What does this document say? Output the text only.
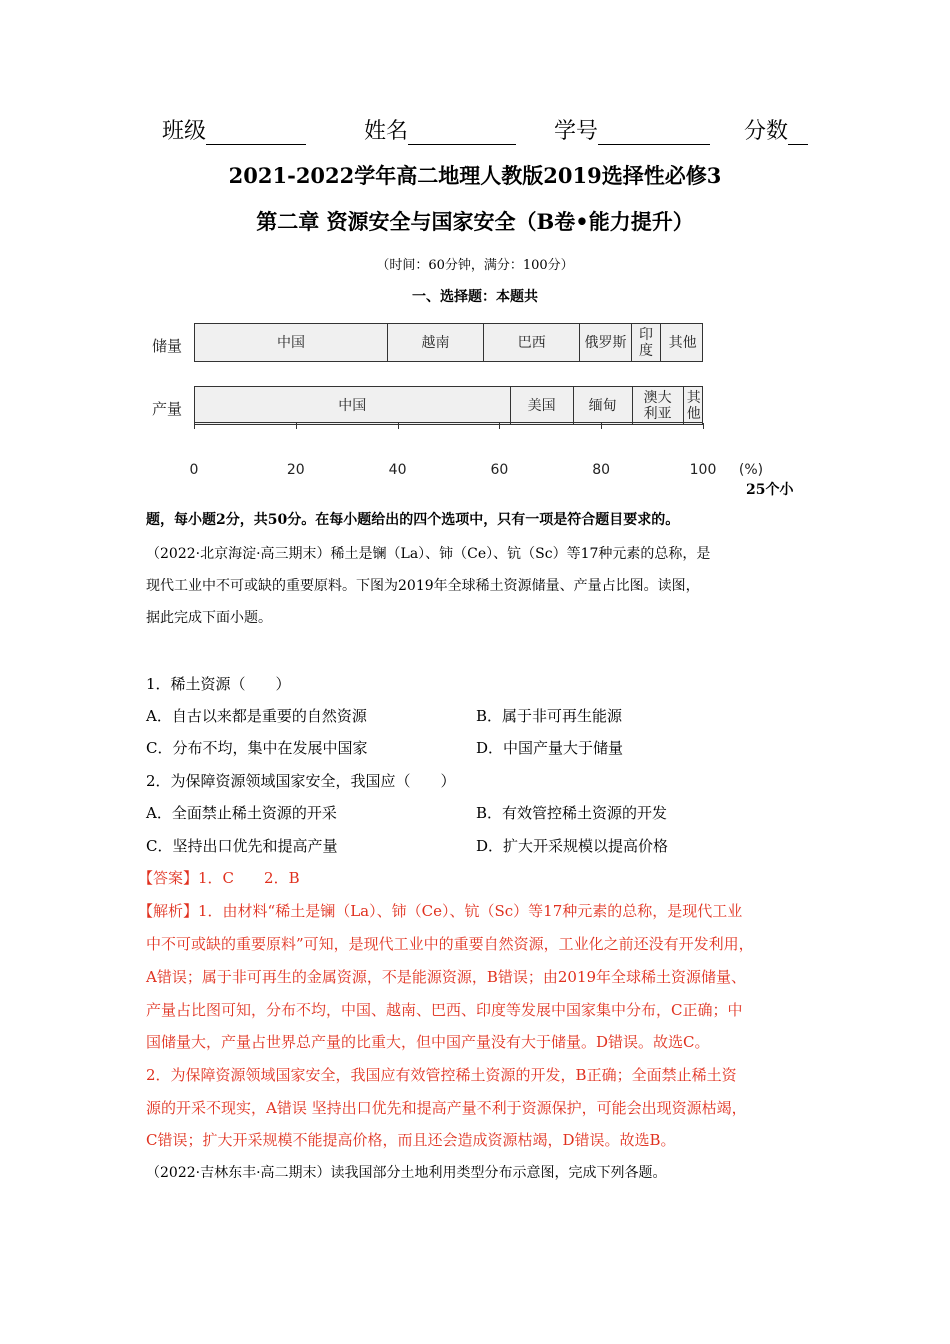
班级	姓名	学号	分数
2021-2022学年高二地理人教版2019选择性必修3
第二章 资源安全与国家安全（B卷•能力提升）
（时间：60分钟，满分：100分）
一、选择题：本题共
储量
产量
中国	越南	巴西	俄罗斯 印度 其他
中国	美国 缅甸 澳大利亚
其他
0	20	40	60	80	100 (%)
25个小
题，每小题2分，共50分。在每小题给出的四个选项中，只有一项是符合题目要求的。
（2022·北京海淀·高三期末）稀土是镧（La）、铈（Ce）、钪（Sc）等17种元素的总称，是
现代工业中不可或缺的重要原料。下图为2019年全球稀土资源储量、产量占比图。读图，
据此完成下面小题。
1．稀土资源（　　）
A．自古以来都是重要的自然资源	B．属于非可再生能源
C．分布不均，集中在发展中国家	D．中国产量大于储量
2．为保障资源领域国家安全，我国应（　　）
A．全面禁止稀土资源的开采	B．有效管控稀土资源的开发
C．坚持出口优先和提高产量	D．扩大开采规模以提高价格
【答案】1．C　　2．B
【解析】1．由材料“稀土是镧（La）、铈（Ce）、钪（Sc）等17种元素的总称，是现代工业
中不可或缺的重要原料”可知，是现代工业中的重要自然资源，工业化之前还没有开发利用，
A错误；属于非可再生的金属资源，不是能源资源，B错误；由2019年全球稀土资源储量、
产量占比图可知，分布不均，中国、越南、巴西、印度等发展中国家集中分布，C正确；中
国储量大，产量占世界总产量的比重大，但中国产量没有大于储量。D错误。故选C。
2．为保障资源领域国家安全，我国应有效管控稀土资源的开发，B正确；全面禁止稀土资
源的开采不现实，A错误 坚持出口优先和提高产量不利于资源保护，可能会出现资源枯竭，
C错误；扩大开采规模不能提高价格，而且还会造成资源枯竭，D错误。故选B。
（2022·吉林东丰·高二期末）读我国部分土地利用类型分布示意图，完成下列各题。
